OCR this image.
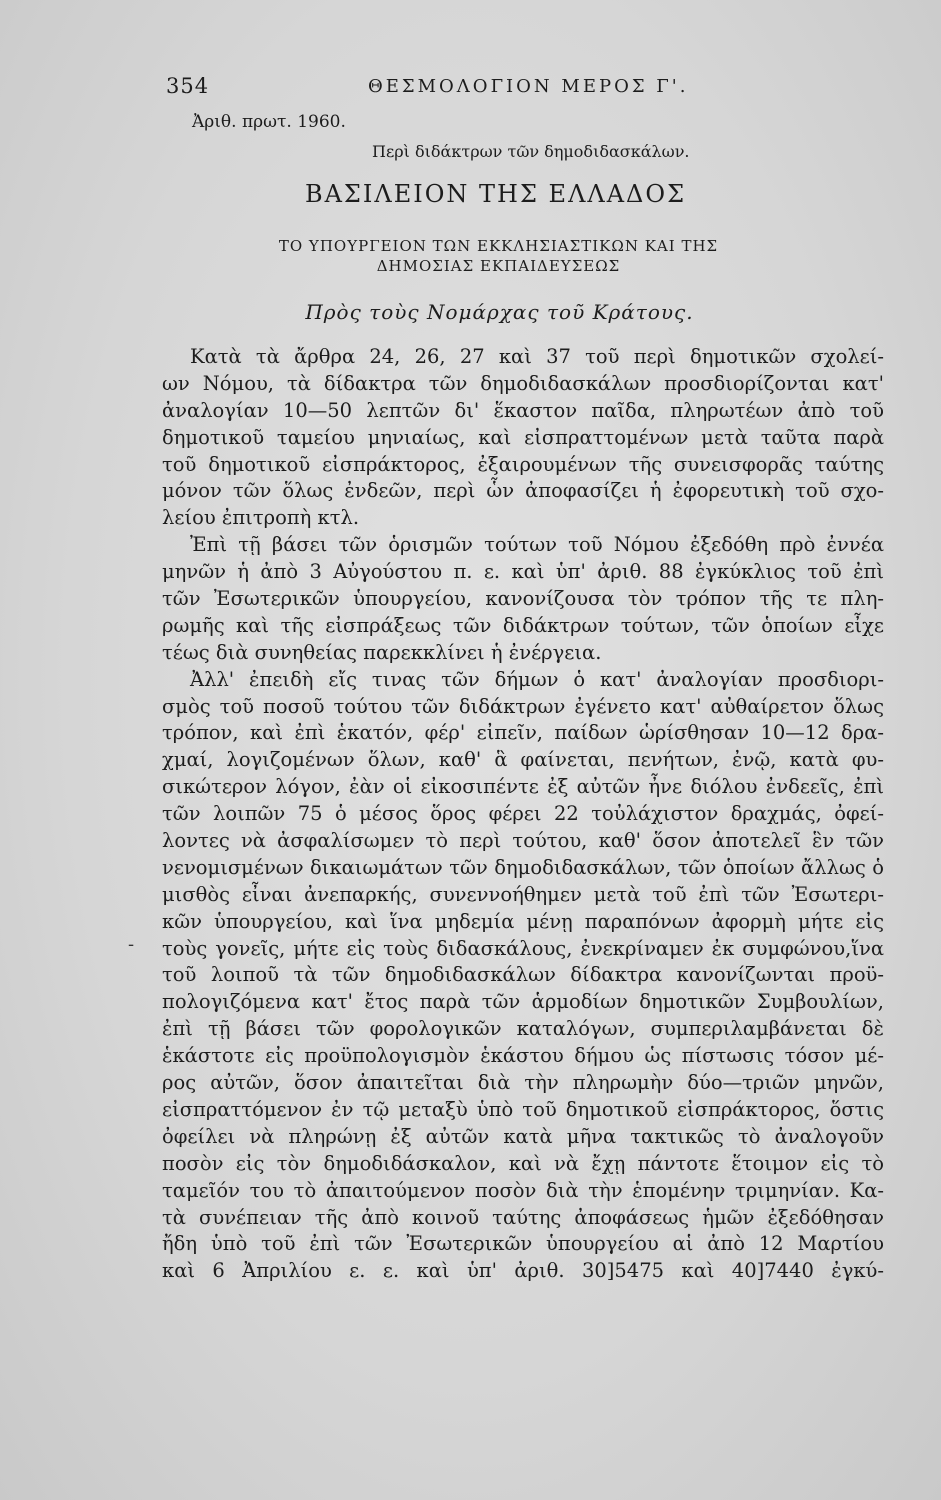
354	ΘΕΣΜΟΛΟΓΙΟΝ ΜΕΡΟΣ Γ'.
Ἀριθ. πρωτ. 1960.
Περὶ διδάκτρων τῶν δημοδιδασκάλων.
ΒΑΣΙΛΕΙΟΝ ΤΗΣ ΕΛΛΑΔΟΣ
ΤΟ ΥΠΟΥΡΓΕΙΟΝ ΤΩΝ ΕΚΚΛΗΣΙΑΣΤΙΚΩΝ ΚΑΙ ΤΗΣ
ΔΗΜΟΣΙΑΣ ΕΚΠΑΙΔΕΥΣΕΩΣ
Πρὸς τοὺς Νομάρχας τοῦ Κράτους.
-
Κατὰ τὰ ἄρθρα 24, 26, 27 καὶ 37 τοῦ περὶ δημοτικῶν σχολεί-
ων Νόμου, τὰ δίδακτρα τῶν δημοδιδασκάλων προσδιορίζονται κατ'
ἀναλογίαν 10—50 λεπτῶν δι' ἕκαστον παῖδα, πληρωτέων ἀπὸ τοῦ
δημοτικοῦ ταμείου μηνιαίως, καὶ εἰσπραττομένων μετὰ ταῦτα παρὰ
τοῦ δημοτικοῦ εἰσπράκτορος, ἐξαιρουμένων τῆς συνεισφορᾶς ταύτης
μόνον τῶν ὅλως ἐνδεῶν, περὶ ὧν ἀποφασίζει ἡ ἐφορευτικὴ τοῦ σχο-
λείου ἐπιτροπὴ κτλ.
Ἐπὶ τῇ βάσει τῶν ὁρισμῶν τούτων τοῦ Νόμου ἐξεδόθη πρὸ ἐννέα
μηνῶν ἡ ἀπὸ 3 Αὐγούστου π. ε. καὶ ὑπ' ἀριθ. 88 ἐγκύκλιος τοῦ ἐπὶ
τῶν Ἐσωτερικῶν ὑπουργείου, κανονίζουσα τὸν τρόπον τῆς τε πλη-
ρωμῆς καὶ τῆς εἰσπράξεως τῶν διδάκτρων τούτων, τῶν ὁποίων εἶχε
τέως διὰ συνηθείας παρεκκλίνει ἡ ἐνέργεια.
Ἀλλ' ἐπειδὴ εἴς τινας τῶν δήμων ὁ κατ' ἀναλογίαν προσδιορι-
σμὸς τοῦ ποσοῦ τούτου τῶν διδάκτρων ἐγένετο κατ' αὐθαίρετον ὅλως
τρόπον, καὶ ἐπὶ ἑκατόν, φέρ' εἰπεῖν, παίδων ὡρίσθησαν 10—12 δρα-
χμαί, λογιζομένων ὅλων, καθ' ἃ φαίνεται, πενήτων, ἐνῷ, κατὰ φυ-
σικώτερον λόγον, ἐὰν οἱ εἰκοσιπέντε ἐξ αὐτῶν ἦνε διόλου ἐνδεεῖς, ἐπὶ
τῶν λοιπῶν 75 ὁ μέσος ὅρος φέρει 22 τοὐλάχιστον δραχμάς, ὀφεί-
λοντες νὰ ἀσφαλίσωμεν τὸ περὶ τούτου, καθ' ὅσον ἀποτελεῖ ἓν τῶν
νενομισμένων δικαιωμάτων τῶν δημοδιδασκάλων, τῶν ὁποίων ἄλλως ὁ
μισθὸς εἶναι ἀνεπαρκής, συνεννοήθημεν μετὰ τοῦ ἐπὶ τῶν Ἐσωτερι-
κῶν ὑπουργείου, καὶ ἵνα μηδεμία μένῃ παραπόνων ἀφορμὴ μήτε εἰς
τοὺς γονεῖς, μήτε εἰς τοὺς διδασκάλους, ἐνεκρίναμεν ἐκ συμφώνου,ἵνα
τοῦ λοιποῦ τὰ τῶν δημοδιδασκάλων δίδακτρα κανονίζωνται προϋ-
πολογιζόμενα κατ' ἔτος παρὰ τῶν ἁρμοδίων δημοτικῶν Συμβουλίων,
ἐπὶ τῇ βάσει τῶν φορολογικῶν καταλόγων, συμπεριλαμβάνεται δὲ
ἑκάστοτε εἰς προϋπολογισμὸν ἑκάστου δήμου ὡς πίστωσις τόσον μέ-
ρος αὐτῶν, ὅσον ἀπαιτεῖται διὰ τὴν πληρωμὴν δύο—τριῶν μηνῶν,
εἰσπραττόμενον ἐν τῷ μεταξὺ ὑπὸ τοῦ δημοτικοῦ εἰσπράκτορος, ὅστις
ὀφείλει νὰ πληρώνῃ ἐξ αὐτῶν κατὰ μῆνα τακτικῶς τὸ ἀναλογοῦν
ποσὸν εἰς τὸν δημοδιδάσκαλον, καὶ νὰ ἔχῃ πάντοτε ἕτοιμον εἰς τὸ
ταμεῖόν του τὸ ἀπαιτούμενον ποσὸν διὰ τὴν ἑπομένην τριμηνίαν. Κα-
τὰ συνέπειαν τῆς ἀπὸ κοινοῦ ταύτης ἀποφάσεως ἡμῶν ἐξεδόθησαν
ἤδη ὑπὸ τοῦ ἐπὶ τῶν Ἐσωτερικῶν ὑπουργείου αἱ ἀπὸ 12 Μαρτίου
καὶ 6 Ἀπριλίου ε. ε. καὶ ὑπ' ἀριθ. 30]5475 καὶ 40]7440 ἐγκύ-
